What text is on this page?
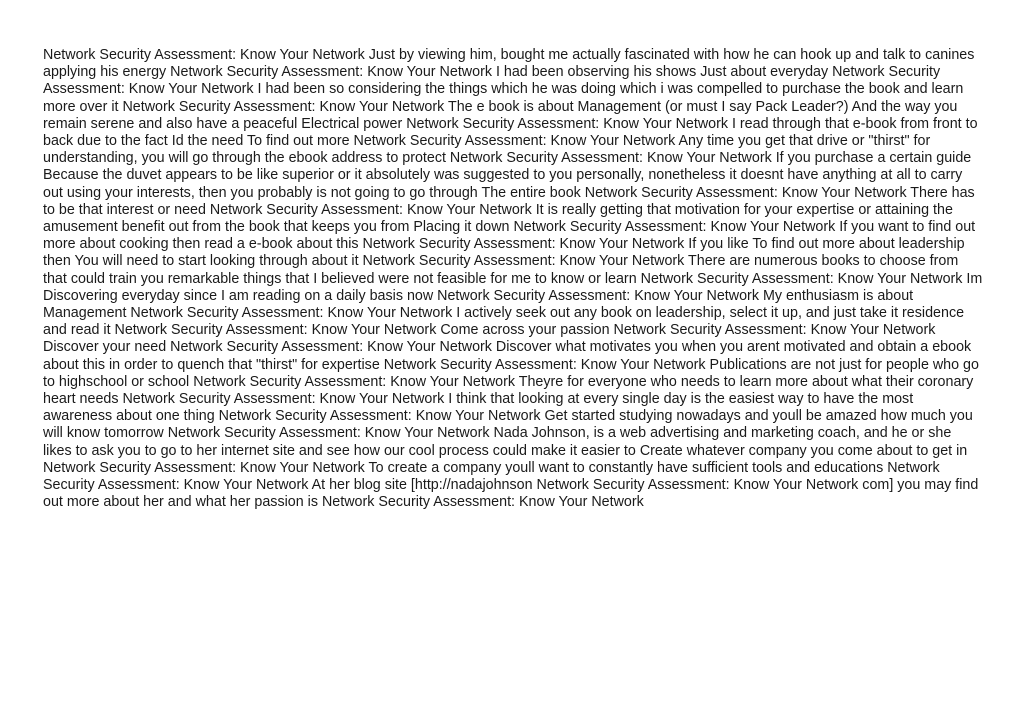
Network Security Assessment: Know Your Network Just by viewing him, bought me actually fascinated with how he can hook up and talk to canines applying his energy Network Security Assessment: Know Your Network I had been observing his shows Just about everyday Network Security Assessment: Know Your Network I had been so considering the things which he was doing which i was compelled to purchase the book and learn more over it Network Security Assessment: Know Your Network The e book is about Management (or must I say Pack Leader?) And the way you remain serene and also have a peaceful Electrical power Network Security Assessment: Know Your Network I read through that e-book from front to back due to the fact Id the need To find out more Network Security Assessment: Know Your Network Any time you get that drive or "thirst" for understanding, you will go through the ebook address to protect Network Security Assessment: Know Your Network If you purchase a certain guide Because the duvet appears to be like superior or it absolutely was suggested to you personally, nonetheless it doesnt have anything at all to carry out using your interests, then you probably is not going to go through The entire book Network Security Assessment: Know Your Network There has to be that interest or need Network Security Assessment: Know Your Network It is really getting that motivation for your expertise or attaining the amusement benefit out from the book that keeps you from Placing it down Network Security Assessment: Know Your Network If you want to find out more about cooking then read a e-book about this Network Security Assessment: Know Your Network If you like To find out more about leadership then You will need to start looking through about it Network Security Assessment: Know Your Network There are numerous books to choose from that could train you remarkable things that I believed were not feasible for me to know or learn Network Security Assessment: Know Your Network Im Discovering everyday since I am reading on a daily basis now Network Security Assessment: Know Your Network My enthusiasm is about Management Network Security Assessment: Know Your Network I actively seek out any book on leadership, select it up, and just take it residence and read it Network Security Assessment: Know Your Network Come across your passion Network Security Assessment: Know Your Network Discover your need Network Security Assessment: Know Your Network Discover what motivates you when you arent motivated and obtain a ebook about this in order to quench that "thirst" for expertise Network Security Assessment: Know Your Network Publications are not just for people who go to highschool or school Network Security Assessment: Know Your Network Theyre for everyone who needs to learn more about what their coronary heart needs Network Security Assessment: Know Your Network I think that looking at every single day is the easiest way to have the most awareness about one thing Network Security Assessment: Know Your Network Get started studying nowadays and youll be amazed how much you will know tomorrow Network Security Assessment: Know Your Network Nada Johnson, is a web advertising and marketing coach, and he or she likes to ask you to go to her internet site and see how our cool process could make it easier to Create whatever company you come about to get in Network Security Assessment: Know Your Network To create a company youll want to constantly have sufficient tools and educations Network Security Assessment: Know Your Network At her blog site [http://nadajohnson Network Security Assessment: Know Your Network com] you may find out more about her and what her passion is Network Security Assessment: Know Your Network
